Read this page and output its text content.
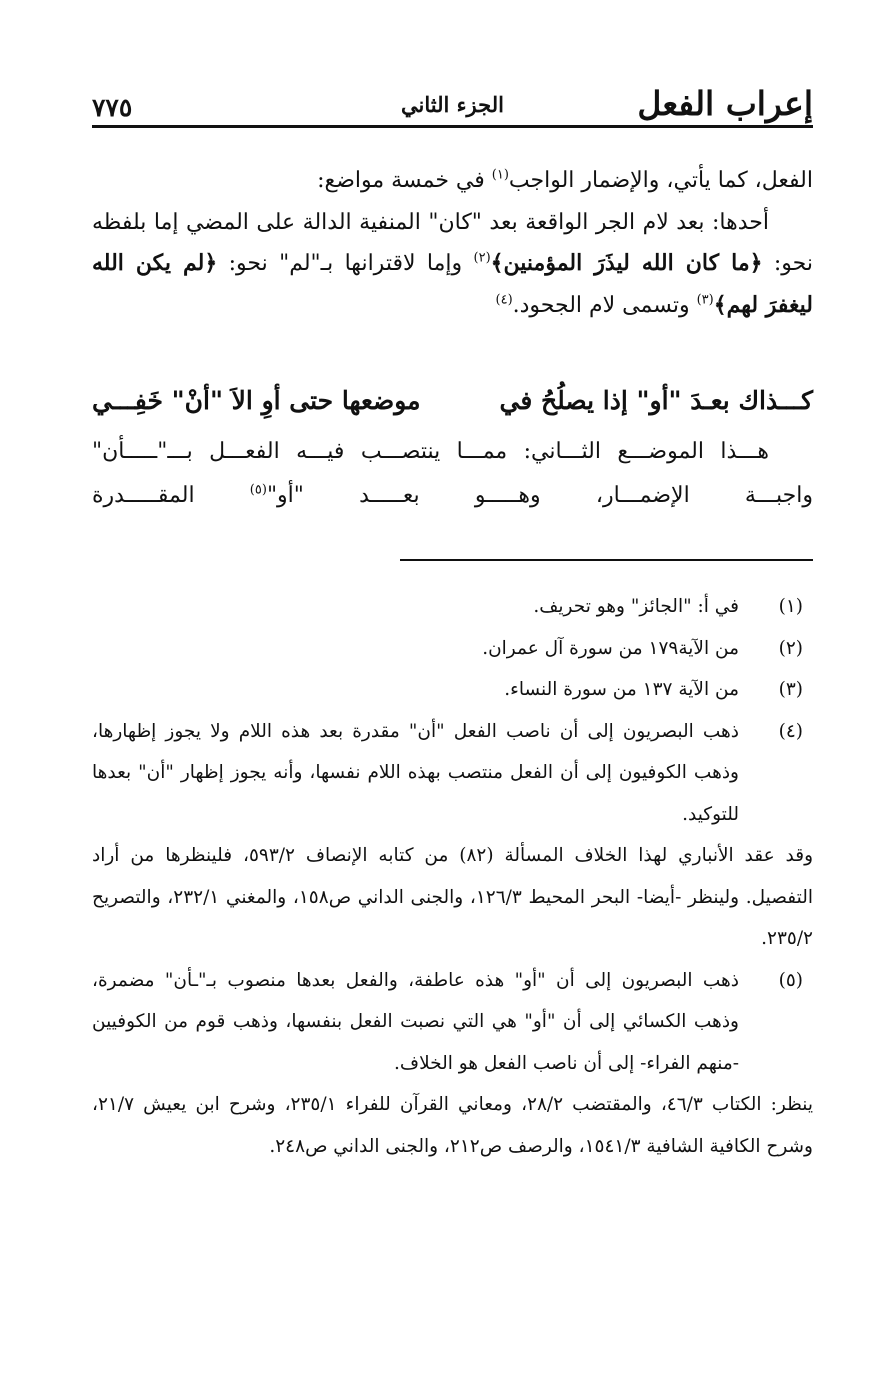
إعراب الفعل
الجزء الثاني
٧٧٥

الفعل، كما يأتي، والإضمار الواجب$^{(١)}$ في خمسة مواضع:

أحدها: بعد لام الجر الواقعة بعد "كان" المنفية الدالة على المضي إما بلفظه نحو: ﴿ما كان الله ليذَرَ المؤمنين﴾$^{(٢)}$ وإما لاقترانها بـ"لم" نحو: ﴿لم يكن الله ليغفرَ لهم﴾$^{(٣)}$ وتسمى لام الجحود.$^{(٤)}$

كـــذاك بعـدَ "أو" إذا يصلُحُ في
موضعها حتى أوِ الاَ "أنْ" خَفِـــي

هـــذا الموضـــع الثـــاني: ممـــا ينتصـــب فيـــه الفعـــل بـــ"ـــــأن" واجبـــة الإضمـــار، وهـــــو بعـــــد "أو"$^{(٥)}$ المقـــــدرة

(١)

في أ: "الجائز" وهو تحريف.

(٢)

من الآية١٧٩ من سورة آل عمران.

(٣)

من الآية ١٣٧ من سورة النساء.

(٤)

ذهب البصريون إلى أن ناصب الفعل "أن" مقدرة بعد هذه اللام ولا يجوز إظهارها، وذهب الكوفيون إلى أن الفعل منتصب بهذه اللام نفسها، وأنه يجوز إظهار "أن" بعدها للتوكيد.

وقد عقد الأنباري لهذا الخلاف المسألة (٨٢) من كتابه الإنصاف ٥٩٣/٢، فلينظرها من أراد التفصيل. ولينظر -أيضا- البحر المحيط ١٢٦/٣، والجنى الداني ص١٥٨، والمغني ٢٣٢/١، والتصريح ٢٣٥/٢.

(٥)

ذهب البصريون إلى أن "أو" هذه عاطفة، والفعل بعدها منصوب بـ"ـأن" مضمرة، وذهب الكسائي إلى أن "أو" هي التي نصبت الفعل بنفسها، وذهب قوم من الكوفيين -منهم الفراء- إلى أن ناصب الفعل هو الخلاف.

ينظر: الكتاب ٤٦/٣، والمقتضب ٢٨/٢، ومعاني القرآن للفراء ٢٣٥/١، وشرح ابن يعيش ٢١/٧، وشرح الكافية الشافية ١٥٤١/٣، والرصف ص٢١٢، والجنى الداني ص٢٤٨.
